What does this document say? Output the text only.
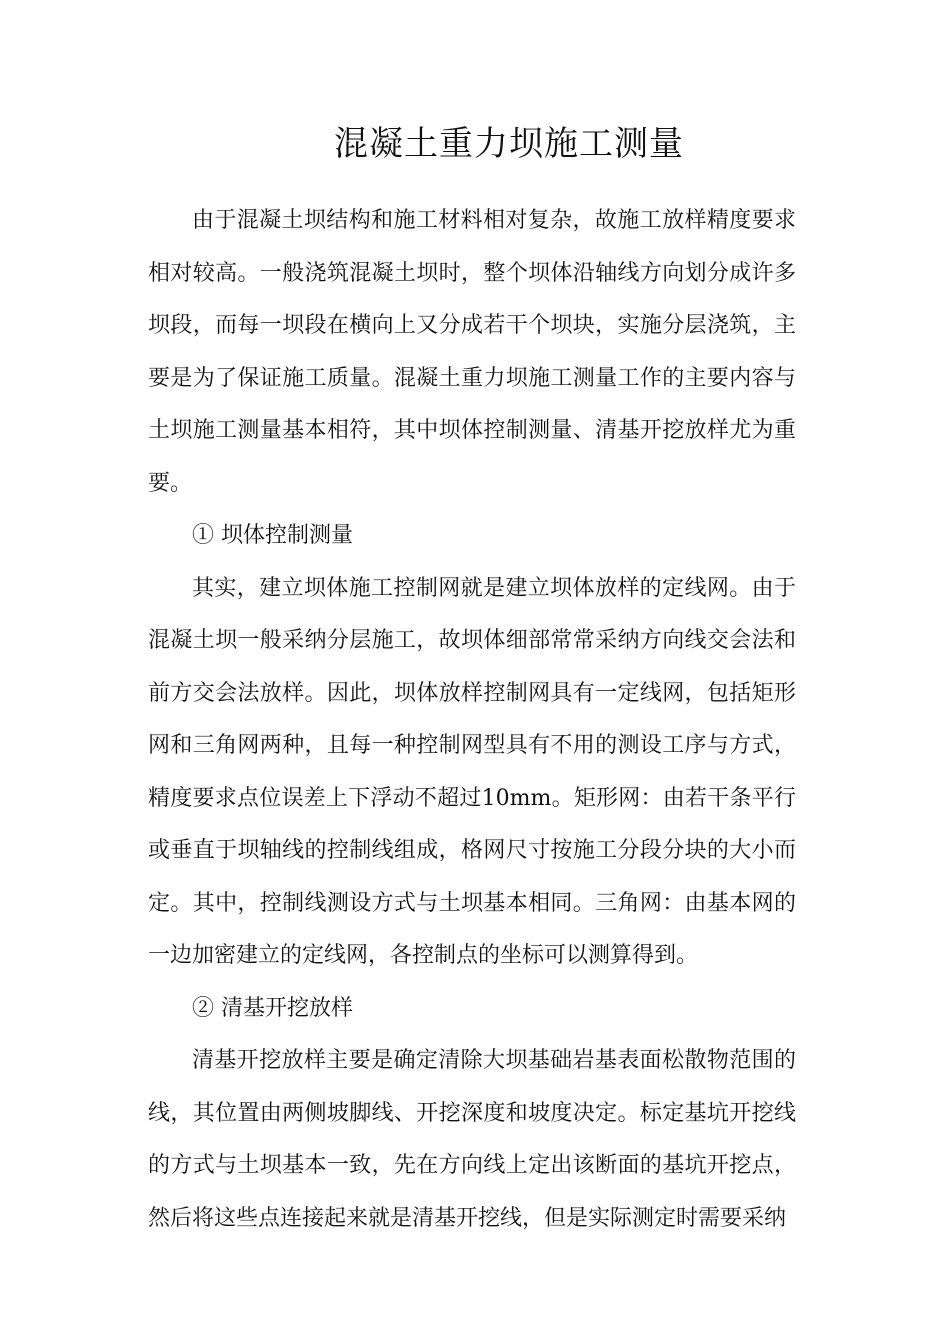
混凝土重力坝施工测量

由于混凝土坝结构和施工材料相对复杂，故施工放样精度要求相对较高。一般浇筑混凝土坝时，整个坝体沿轴线方向划分成许多坝段，而每一坝段在横向上又分成若干个坝块，实施分层浇筑，主要是为了保证施工质量。混凝土重力坝施工测量工作的主要内容与土坝施工测量基本相符，其中坝体控制测量、清基开挖放样尤为重要。

① 坝体控制测量

其实，建立坝体施工控制网就是建立坝体放样的定线网。由于混凝土坝一般采纳分层施工，故坝体细部常常采纳方向线交会法和前方交会法放样。因此，坝体放样控制网具有一定线网，包括矩形网和三角网两种，且每一种控制网型具有不用的测设工序与方式，精度要求点位误差上下浮动不超过10mm。矩形网：由若干条平行或垂直于坝轴线的控制线组成，格网尺寸按施工分段分块的大小而定。其中，控制线测设方式与土坝基本相同。三角网：由基本网的一边加密建立的定线网，各控制点的坐标可以测算得到。

② 清基开挖放样

清基开挖放样主要是确定清除大坝基础岩基表面松散物范围的线，其位置由两侧坡脚线、开挖深度和坡度决定。标定基坑开挖线的方式与土坝基本一致，先在方向线上定出该断面的基坑开挖点，然后将这些点连接起来就是清基开挖线，但是实际测定时需要采纳
